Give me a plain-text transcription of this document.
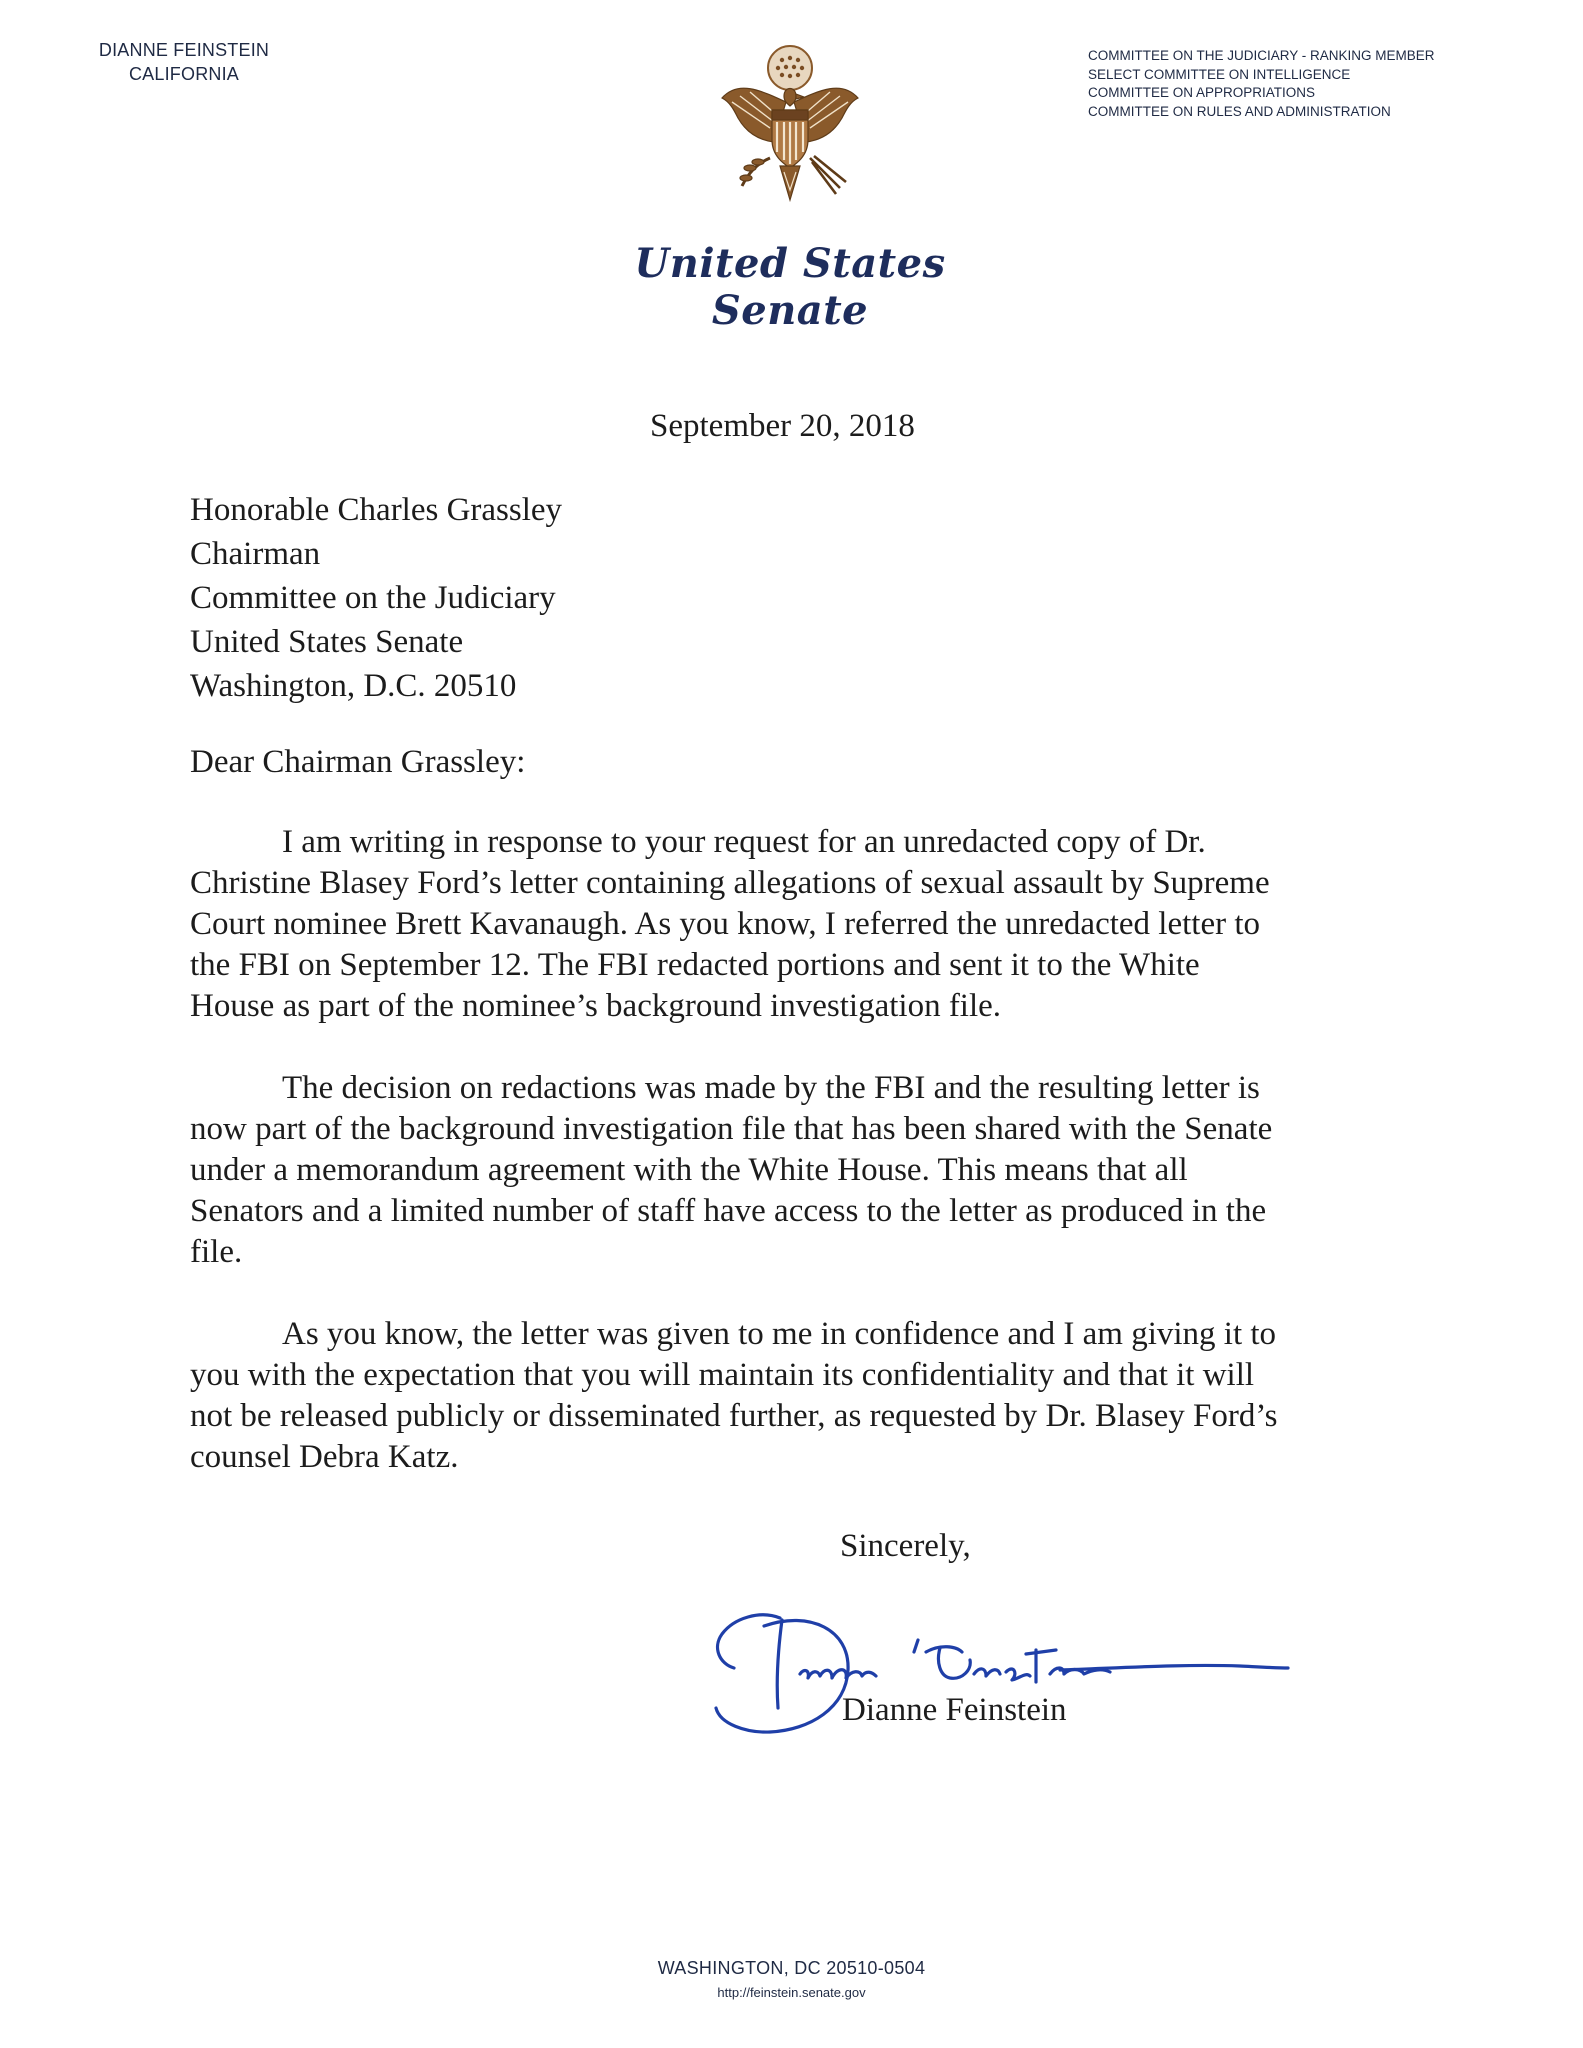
DIANNE FEINSTEIN
CALIFORNIA
COMMITTEE ON THE JUDICIARY - RANKING MEMBER
SELECT COMMITTEE ON INTELLIGENCE
COMMITTEE ON APPROPRIATIONS
COMMITTEE ON RULES AND ADMINISTRATION
United States Senate
September 20, 2018
Honorable Charles Grassley
Chairman
Committee on the Judiciary
United States Senate
Washington, D.C. 20510
Dear Chairman Grassley:

I am writing in response to your request for an unredacted copy of Dr.
Christine Blasey Ford’s letter containing allegations of sexual assault by Supreme
Court nominee Brett Kavanaugh. As you know, I referred the unredacted letter to
the FBI on September 12. The FBI redacted portions and sent it to the White
House as part of the nominee’s background investigation file.

The decision on redactions was made by the FBI and the resulting letter is
now part of the background investigation file that has been shared with the Senate
under a memorandum agreement with the White House. This means that all
Senators and a limited number of staff have access to the letter as produced in the
file.

As you know, the letter was given to me in confidence and I am giving it to
you with the expectation that you will maintain its confidentiality and that it will
not be released publicly or disseminated further, as requested by Dr. Blasey Ford’s
counsel Debra Katz.

Sincerely,
Dianne Feinstein
WASHINGTON, DC 20510-0504
http://feinstein.senate.gov
